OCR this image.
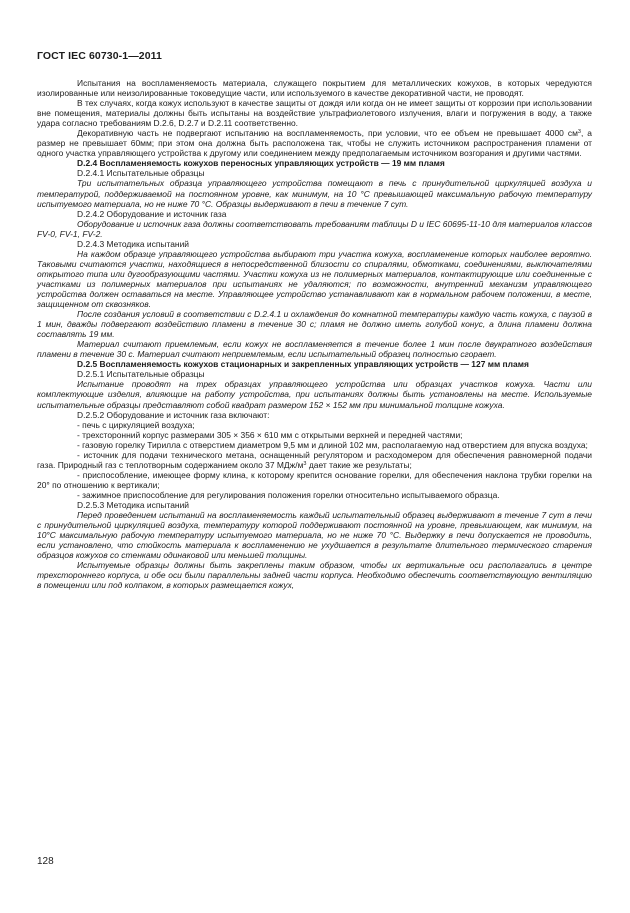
ГОСТ IEC 60730-1—2011

Испытания на воспламеняемость материала, служащего покрытием для металлических кожухов, в которых чередуются изолированные или неизолированные токоведущие части, или используемого в качестве декоративной части, не проводят.

В тех случаях, когда кожух используют в качестве защиты от дождя или когда он не имеет защиты от коррозии при использовании вне помещения, материалы должны быть испытаны на воздействие ультрафиолетового излучения, влаги и погружения в воду, а также удара согласно требованиям D.2.6, D.2.7 и D.2.11 соответственно.

Декоративную часть не подвергают испытанию на воспламеняемость, при условии, что ее объем не превышает 4000 $см^3$, а размер не превышает 60мм; при этом она должна быть расположена так, чтобы не служить источником распространения пламени от одного участка управляющего устройства к другому или соединением между предполагаемым источником возгорания и другими частями.

D.2.4 Воспламеняемость кожухов переносных управляющих устройств — 19 мм пламя

D.2.4.1 Испытательные образцы

Три испытательных образца управляющего устройства помещают в печь с принудительной циркуляцией воздуха и температурой, поддерживаемой на постоянном уровне, как минимум, на 10 °С превышающей максимальную рабочую температуру испытуемого материала, но не ниже 70 °С. Образцы выдерживают в печи в течение 7 сут.

D.2.4.2 Оборудование и источник газа

Оборудование и источник газа должны соответствовать требованиям таблицы D и IEC 60695-11-10 для материалов классов FV-0, FV-1, FV-2.

D.2.4.3 Методика испытаний

На каждом образце управляющего устройства выбирают три участка кожуха, воспламенение которых наиболее вероятно. Таковыми считаются участки, находящиеся в непосредственной близости со спиралями, обмотками, соединениями, выключателями открытого типа или дугообразующими частями. Участки кожуха из не полимерных материалов, контактирующие или соединенные с участками из полимерных материалов при испытаниях не удаляются; по возможности, внутренний механизм управляющего устройства должен оставаться на месте. Управляющее устройство устанавливают как в нормальном рабочем положении, в месте, защищенном от сквозняков.

После создания условий в соответствии с D.2.4.1 и охлаждения до комнатной температуры каждую часть кожуха, с паузой в 1 мин, дважды подвергают воздействию пламени в течение 30 с; пламя не должно иметь голубой конус, а длина пламени должна составлять 19 мм.

Материал считают приемлемым, если кожух не воспламеняется в течение более 1 мин после двукратного воздействия пламени в течение 30 с. Материал считают неприемлемым, если испытательный образец полностью сгорает.

D.2.5 Воспламеняемость кожухов стационарных и закрепленных управляющих устройств — 127 мм пламя

D.2.5.1 Испытательные образцы

Испытание проводят на трех образцах управляющего устройства или образцах участков кожуха. Части или комплектующие изделия, влияющие на работу устройства, при испытаниях должны быть установлены на месте. Используемые испытательные образцы представляют собой квадрат размером 152 × 152 мм при минимальной толщине кожуха.

D.2.5.2 Оборудование и источник газа включают:

- печь с циркуляцией воздуха;

- трехсторонний корпус размерами 305 × 356 × 610 мм с открытыми верхней и передней частями;

- газовую горелку Тирилла с отверстием диаметром 9,5 мм и длиной 102 мм, располагаемую над отверстием для впуска воздуха;

- источник для подачи технического метана, оснащенный регулятором и расходомером для обеспечения равномерной подачи газа. Природный газ с теплотворным содержанием около 37 МДж/$м^3$ дает такие же результаты;

- приспособление, имеющее форму клина, к которому крепится основание горелки, для обеспечения наклона трубки горелки на 20° по отношению к вертикали;

- зажимное приспособление для регулирования положения горелки относительно испытываемого образца.

D.2.5.3 Методика испытаний

Перед проведением испытаний на воспламеняемость каждый испытательный образец выдерживают в течение 7 сут в печи с принудительной циркуляцией воздуха, температуру которой поддерживают постоянной на уровне, превышающем, как минимум, на 10°С максимальную рабочую температуру испытуемого материала, но не ниже 70 °С. Выдержку в печи допускается не проводить, если установлено, что стойкость материала к воспламенению не ухудшается в результате длительного термического старения образцов кожухов со стенками одинаковой или меньшей толщины.

Испытуемые образцы должны быть закреплены таким образом, чтобы их вертикальные оси располагались в центре трехстороннего корпуса, и обе оси были параллельны задней части корпуса. Необходимо обеспечить соответствующую вентиляцию в помещении или под колпаком, в которых размещается кожух,

128
